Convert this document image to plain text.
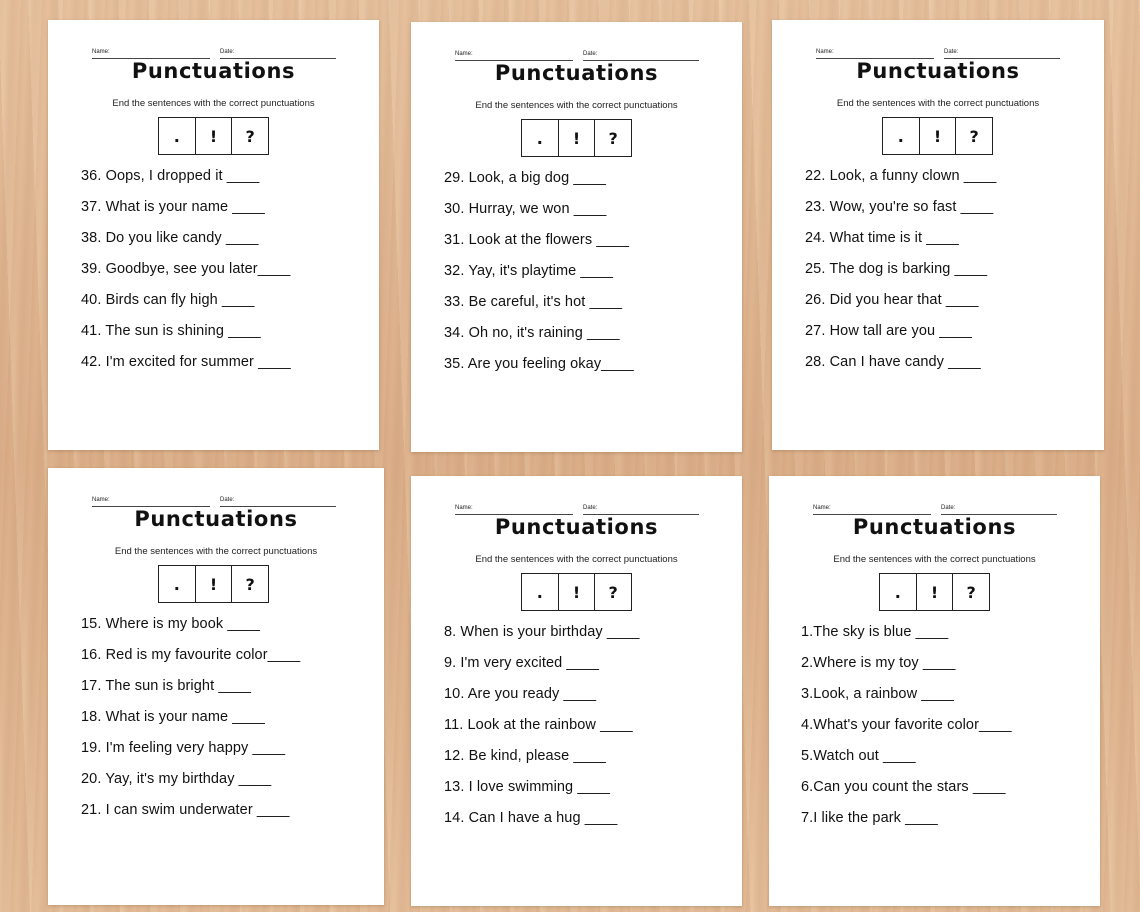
Name:	Date:
Punctuations
End the sentences with the correct punctuations
.	!	?
36. Oops, I dropped it ____
37. What is your name ____
38. Do you like candy ____
39. Goodbye, see you later____
40. Birds can fly high ____
41. The sun is shining ____
42. I'm excited for summer ____
Name:	Date:
Punctuations
End the sentences with the correct punctuations
.	!	?
29. Look, a big dog ____
30. Hurray, we won ____
31. Look at the flowers ____
32. Yay, it's playtime ____
33. Be careful, it's hot ____
34. Oh no, it's raining ____
35. Are you feeling okay____
Name:	Date:
Punctuations
End the sentences with the correct punctuations
.	!	?
22. Look, a funny clown ____
23. Wow, you're so fast ____
24. What time is it ____
25. The dog is barking ____
26. Did you hear that ____
27. How tall are you ____
28. Can I have candy ____
Name:	Date:
Punctuations
End the sentences with the correct punctuations
.	!	?
15. Where is my book ____
16. Red is my favourite color____
17. The sun is bright ____
18. What is your name ____
19. I'm feeling very happy ____
20. Yay, it's my birthday ____
21. I can swim underwater ____
Name:	Date:
Punctuations
End the sentences with the correct punctuations
.	!	?
8. When is your birthday ____
9. I'm very excited ____
10. Are you ready ____
11. Look at the rainbow ____
12. Be kind, please ____
13. I love swimming ____
14. Can I have a hug ____
Name:	Date:
Punctuations
End the sentences with the correct punctuations
.	!	?
1.The sky is blue ____
2.Where is my toy ____
3.Look, a rainbow ____
4.What's your favorite color____
5.Watch out ____
6.Can you count the stars ____
7.I like the park ____
